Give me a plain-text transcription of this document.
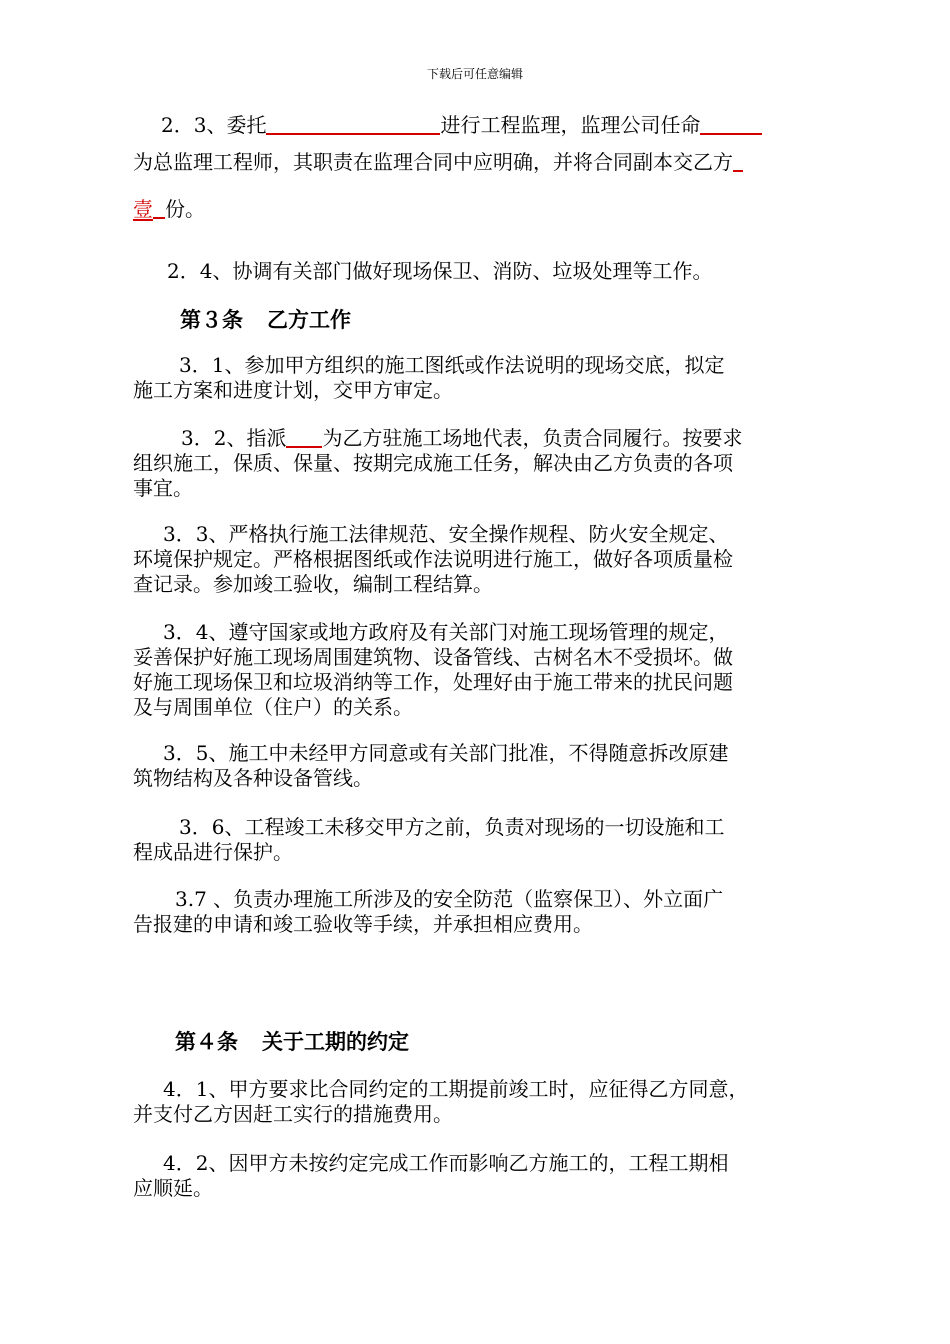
下载后可任意编辑
2．3、委托	进行工程监理，监理公司任命
为总监理工程师，其职责在监理合同中应明确，并将合同副本交乙方
壹 份。
2．4、协调有关部门做好现场保卫、消防、垃圾处理等工作。
第３条 乙方工作
3．1、参加甲方组织的施工图纸或作法说明的现场交底，拟定
施工方案和进度计划，交甲方审定。
3．2、指派 为乙方驻施工场地代表，负责合同履行。按要求
组织施工，保质、保量、按期完成施工任务，解决由乙方负责的各项
事宜。
3．3、严格执行施工法律规范、安全操作规程、防火安全规定、
环境保护规定。严格根据图纸或作法说明进行施工，做好各项质量检
查记录。参加竣工验收，编制工程结算。
3．4、遵守国家或地方政府及有关部门对施工现场管理的规定，
妥善保护好施工现场周围建筑物、设备管线、古树名木不受损坏。做
好施工现场保卫和垃圾消纳等工作，处理好由于施工带来的扰民问题
及与周围单位（住户）的关系。
3．5、施工中未经甲方同意或有关部门批准，不得随意拆改原建
筑物结构及各种设备管线。
3．6、工程竣工未移交甲方之前，负责对现场的一切设施和工
程成品进行保护。
3.7 、负责办理施工所涉及的安全防范（监察保卫）、外立面广
告报建的申请和竣工验收等手续，并承担相应费用。
第４条 关于工期的约定
4．1、甲方要求比合同约定的工期提前竣工时，应征得乙方同意，
并支付乙方因赶工实行的措施费用。
4．2、因甲方未按约定完成工作而影响乙方施工的，工程工期相
应顺延。
